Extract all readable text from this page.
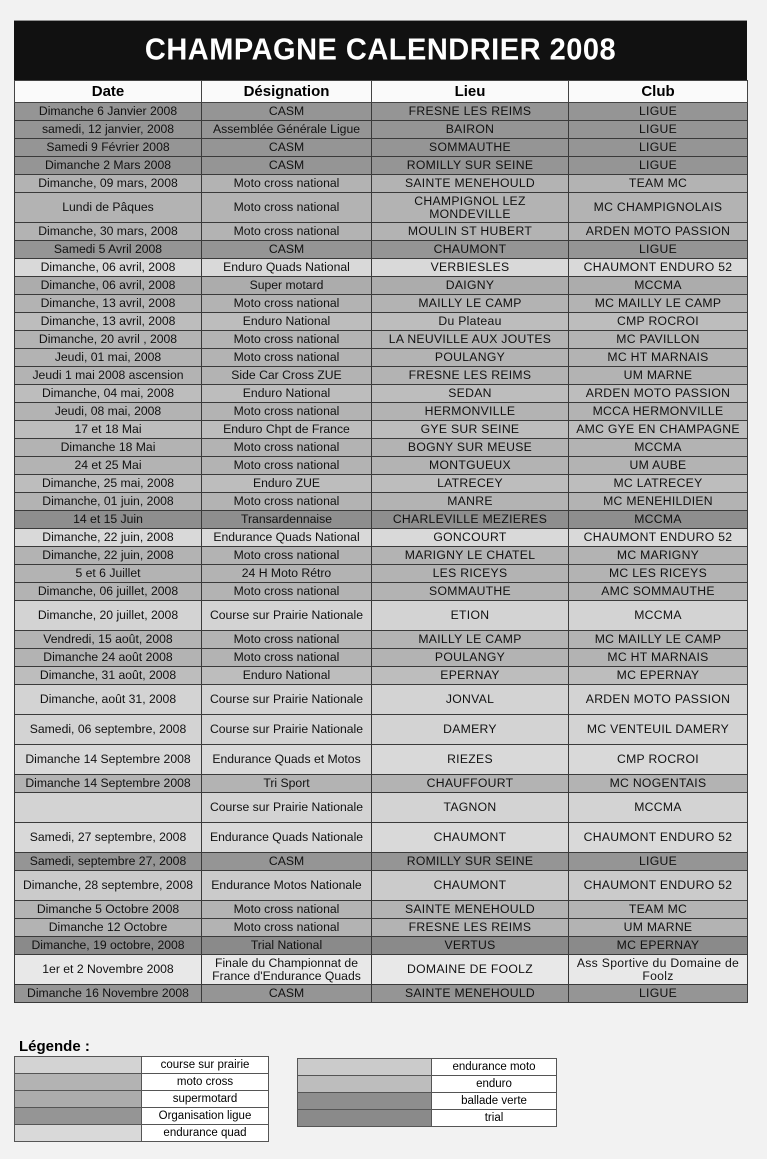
CHAMPAGNE CALENDRIER 2008
Date	Désignation	Lieu	Club
Dimanche 6 Janvier 2008	CASM	FRESNE LES REIMS	LIGUE
samedi, 12 janvier, 2008	Assemblée Générale Ligue	BAIRON	LIGUE
Samedi 9 Février 2008	CASM	SOMMAUTHE	LIGUE
Dimanche 2 Mars 2008	CASM	ROMILLY SUR SEINE	LIGUE
Dimanche, 09 mars, 2008	Moto cross national	SAINTE MENEHOULD	TEAM MC
Lundi de Pâques	Moto cross national	CHAMPIGNOL LEZ MONDEVILLE	MC CHAMPIGNOLAIS
Dimanche, 30 mars, 2008	Moto cross national	MOULIN ST HUBERT	ARDEN MOTO PASSION
Samedi 5 Avril 2008	CASM	CHAUMONT	LIGUE
Dimanche, 06 avril, 2008	Enduro Quads National	VERBIESLES	CHAUMONT ENDURO 52
Dimanche, 06 avril, 2008	Super motard	DAIGNY	MCCMA
Dimanche, 13 avril, 2008	Moto cross national	MAILLY LE CAMP	MC MAILLY LE CAMP
Dimanche, 13 avril, 2008	Enduro National	Du Plateau	CMP ROCROI
Dimanche, 20 avril , 2008	Moto cross national	LA NEUVILLE AUX JOUTES	MC PAVILLON
Jeudi, 01 mai, 2008	Moto cross national	POULANGY	MC HT MARNAIS
Jeudi 1 mai 2008 ascension	Side Car Cross ZUE	FRESNE LES REIMS	UM MARNE
Dimanche, 04 mai, 2008	Enduro National	SEDAN	ARDEN MOTO PASSION
Jeudi, 08 mai, 2008	Moto cross national	HERMONVILLE	MCCA HERMONVILLE
17 et 18 Mai	Enduro Chpt de France	GYE SUR SEINE	AMC GYE EN CHAMPAGNE
Dimanche 18 Mai	Moto cross national	BOGNY SUR MEUSE	MCCMA
24 et 25 Mai	Moto cross national	MONTGUEUX	UM AUBE
Dimanche, 25 mai, 2008	Enduro ZUE	LATRECEY	MC LATRECEY
Dimanche, 01 juin, 2008	Moto cross national	MANRE	MC MENEHILDIEN
14 et 15 Juin	Transardennaise	CHARLEVILLE MEZIERES	MCCMA
Dimanche, 22 juin, 2008	Endurance Quads National	GONCOURT	CHAUMONT ENDURO 52
Dimanche, 22 juin, 2008	Moto cross national	MARIGNY LE CHATEL	MC MARIGNY
5 et 6 Juillet	24 H Moto Rétro	LES RICEYS	MC LES RICEYS
Dimanche, 06 juillet, 2008	Moto cross national	SOMMAUTHE	AMC SOMMAUTHE
Dimanche, 20 juillet, 2008	Course sur Prairie Nationale	ETION	MCCMA
Vendredi, 15 août, 2008	Moto cross national	MAILLY LE CAMP	MC MAILLY LE CAMP
Dimanche 24 août 2008	Moto cross national	POULANGY	MC HT MARNAIS
Dimanche, 31 août, 2008	Enduro National	EPERNAY	MC EPERNAY
Dimanche, août 31, 2008	Course sur Prairie Nationale	JONVAL	ARDEN MOTO PASSION
Samedi, 06 septembre, 2008	Course sur Prairie Nationale	DAMERY	MC VENTEUIL DAMERY
Dimanche 14 Septembre 2008	Endurance Quads et Motos	RIEZES	CMP ROCROI
Dimanche 14 Septembre 2008	Tri Sport	CHAUFFOURT	MC NOGENTAIS
	Course sur Prairie Nationale	TAGNON	MCCMA
Samedi, 27 septembre, 2008	Endurance Quads Nationale	CHAUMONT	CHAUMONT ENDURO 52
Samedi, septembre 27, 2008	CASM	ROMILLY SUR SEINE	LIGUE
Dimanche, 28 septembre, 2008	Endurance Motos Nationale	CHAUMONT	CHAUMONT ENDURO 52
Dimanche 5 Octobre 2008	Moto cross national	SAINTE MENEHOULD	TEAM MC
Dimanche 12 Octobre	Moto cross national	FRESNE LES REIMS	UM MARNE
Dimanche, 19 octobre, 2008	Trial National	VERTUS	MC EPERNAY
1er et 2 Novembre 2008	Finale du Championnat de France d'Endurance Quads	DOMAINE DE FOOLZ	Ass Sportive du Domaine de Foolz
Dimanche 16 Novembre 2008	CASM	SAINTE MENEHOULD	LIGUE
Légende :
	course sur prairie
	moto cross
	supermotard
	Organisation ligue
	endurance quad
	endurance moto
	enduro
	ballade verte
	trial
